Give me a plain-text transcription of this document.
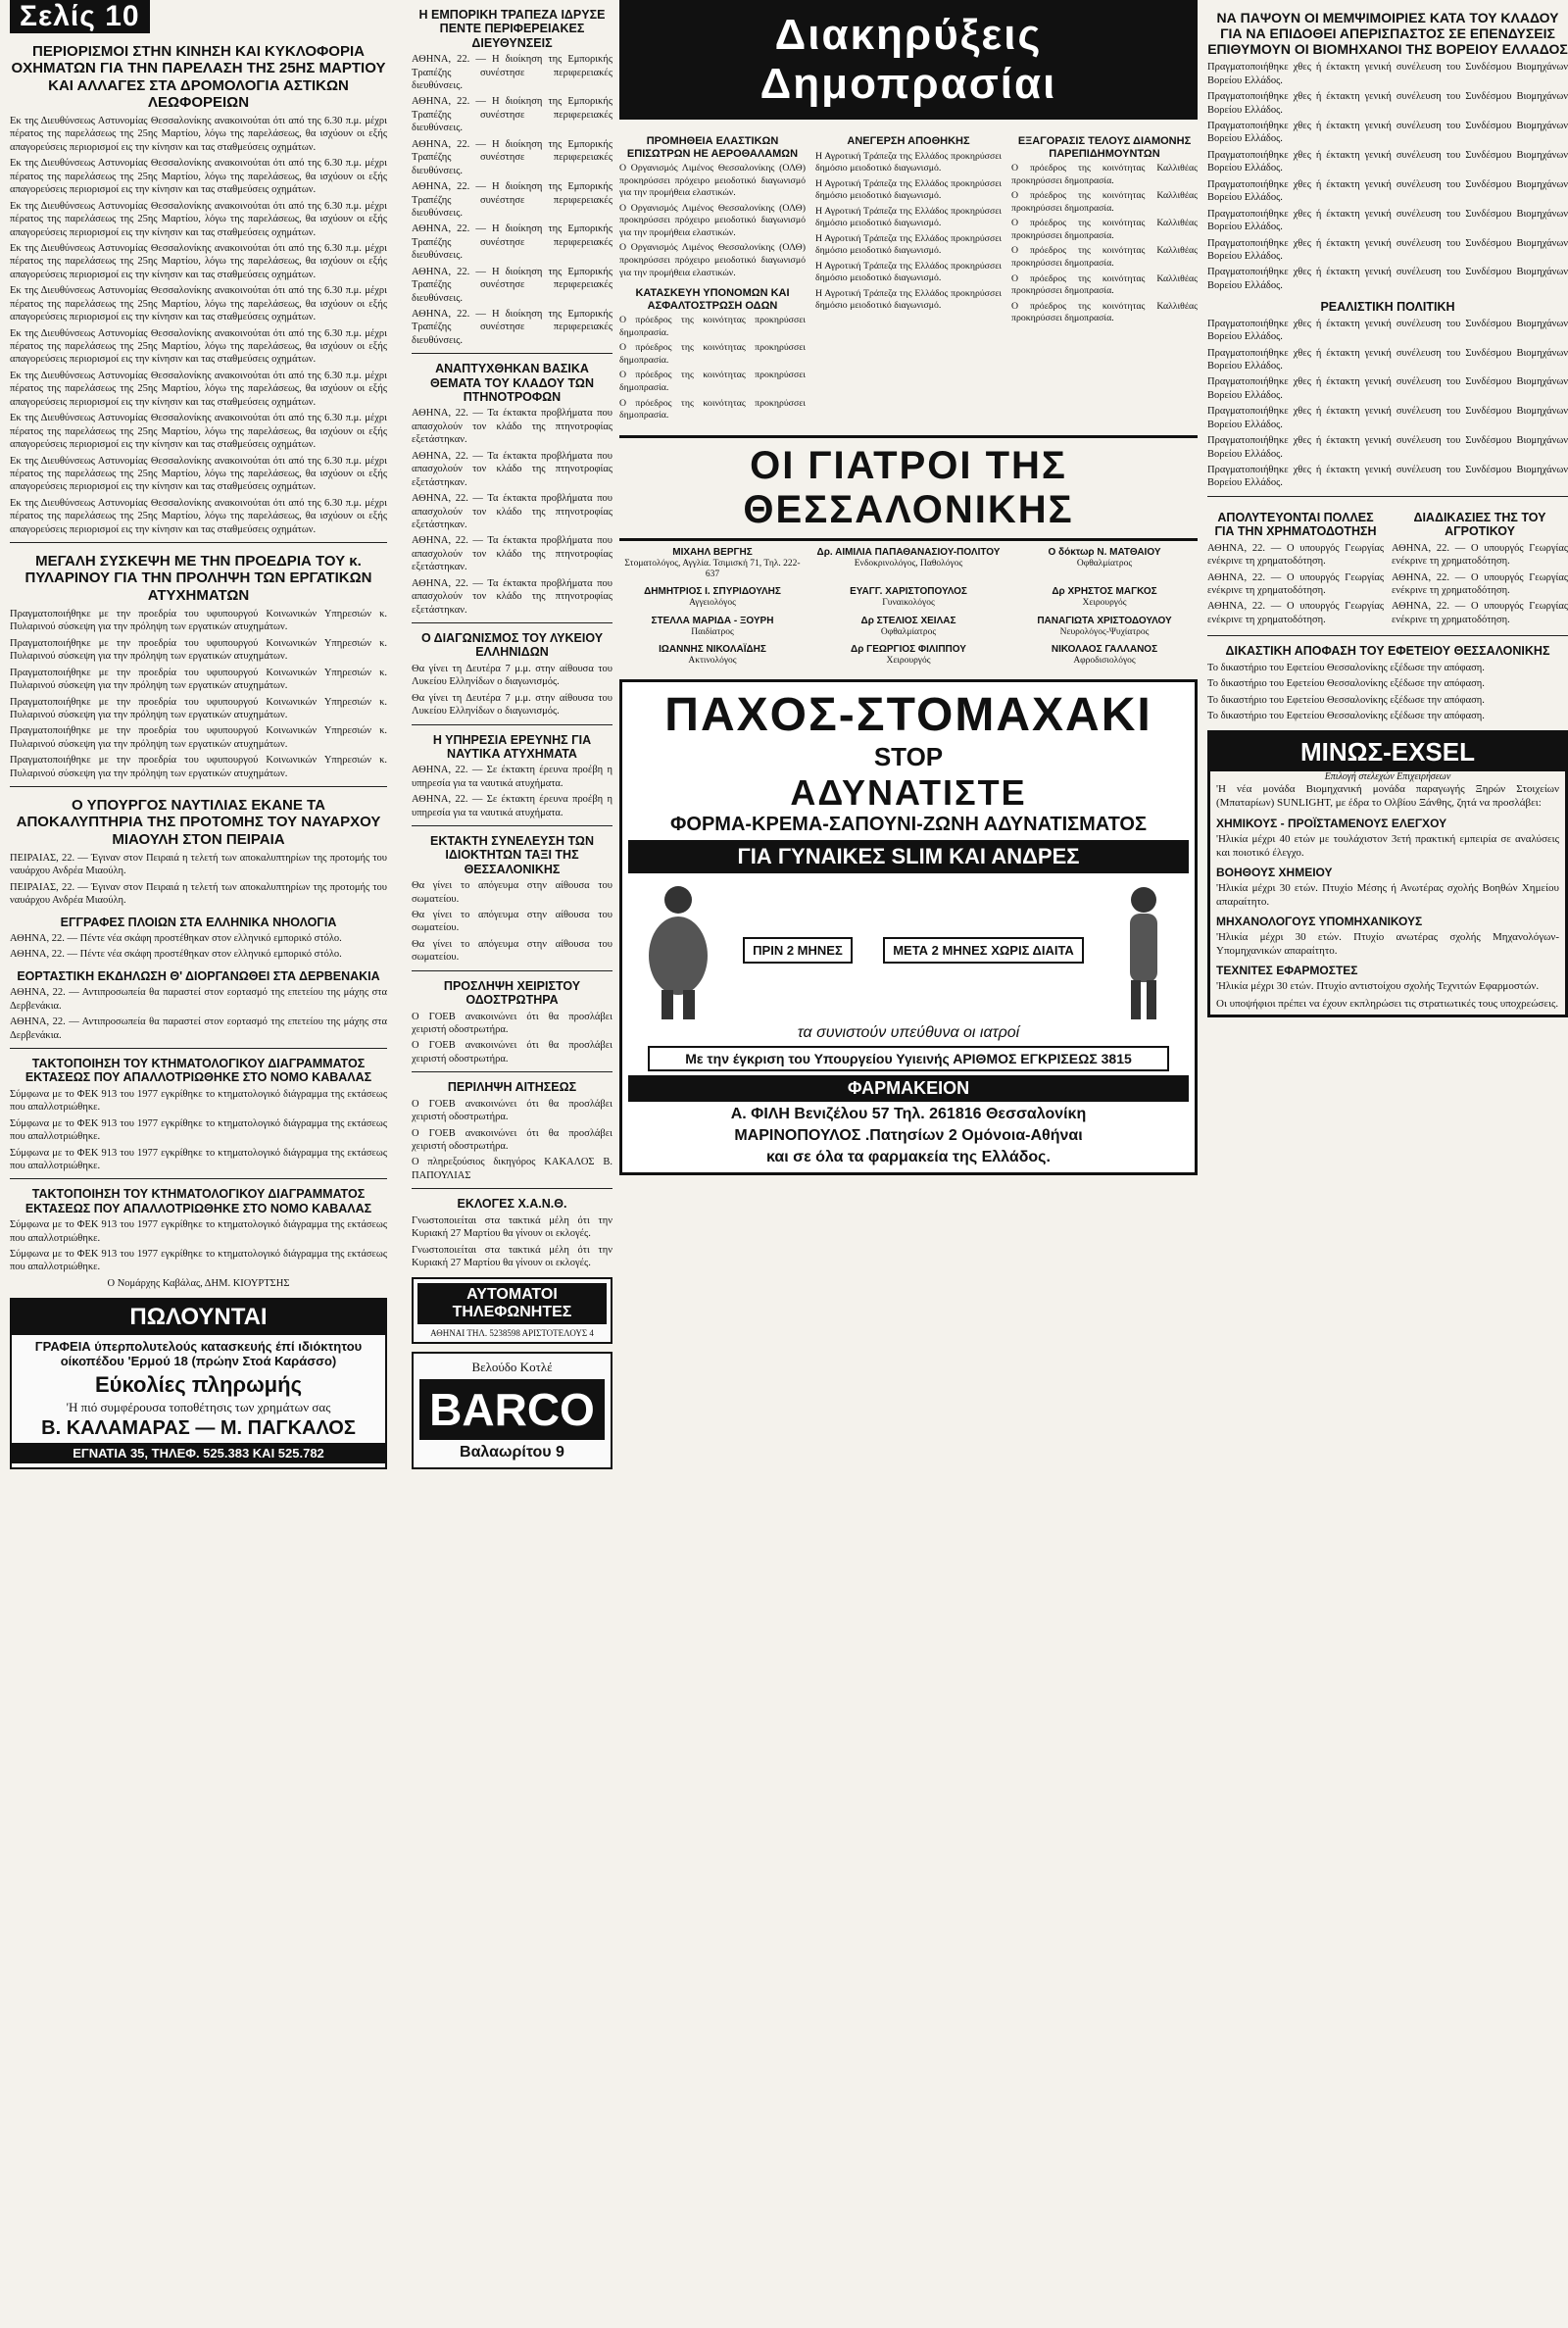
Σελίς 10
ΠΕΡΙΟΡΙΣΜΟΙ ΣΤΗΝ ΚΙΝΗΣΗ ΚΑΙ ΚΥΚΛΟΦΟΡΙΑ ΟΧΗΜΑΤΩΝ ΓΙΑ ΤΗΝ ΠΑΡΕΛΑΣΗ ΤΗΣ 25ΗΣ ΜΑΡΤΙΟΥ ΚΑΙ ΑΛΛΑΓΕΣ ΣΤΑ ΔΡΟΜΟΛΟΓΙΑ ΑΣΤΙΚΩΝ ΛΕΩΦΟΡΕΙΩΝ

Εκ της Διευθύνσεως Αστυνομίας Θεσσαλονίκης ανακοινούται ότι από της 6.30 π.μ. μέχρι πέρατος της παρελάσεως της 25ης Μαρτίου, λόγω της παρελάσεως, θα ισχύουν οι εξής απαγορεύσεις περιορισμοί εις την κίνησιν και τας σταθμεύσεις οχημάτων.

Εκ της Διευθύνσεως Αστυνομίας Θεσσαλονίκης ανακοινούται ότι από της 6.30 π.μ. μέχρι πέρατος της παρελάσεως της 25ης Μαρτίου, λόγω της παρελάσεως, θα ισχύουν οι εξής απαγορεύσεις περιορισμοί εις την κίνησιν και τας σταθμεύσεις οχημάτων.

Εκ της Διευθύνσεως Αστυνομίας Θεσσαλονίκης ανακοινούται ότι από της 6.30 π.μ. μέχρι πέρατος της παρελάσεως της 25ης Μαρτίου, λόγω της παρελάσεως, θα ισχύουν οι εξής απαγορεύσεις περιορισμοί εις την κίνησιν και τας σταθμεύσεις οχημάτων.

Εκ της Διευθύνσεως Αστυνομίας Θεσσαλονίκης ανακοινούται ότι από της 6.30 π.μ. μέχρι πέρατος της παρελάσεως της 25ης Μαρτίου, λόγω της παρελάσεως, θα ισχύουν οι εξής απαγορεύσεις περιορισμοί εις την κίνησιν και τας σταθμεύσεις οχημάτων.

Εκ της Διευθύνσεως Αστυνομίας Θεσσαλονίκης ανακοινούται ότι από της 6.30 π.μ. μέχρι πέρατος της παρελάσεως της 25ης Μαρτίου, λόγω της παρελάσεως, θα ισχύουν οι εξής απαγορεύσεις περιορισμοί εις την κίνησιν και τας σταθμεύσεις οχημάτων.

Εκ της Διευθύνσεως Αστυνομίας Θεσσαλονίκης ανακοινούται ότι από της 6.30 π.μ. μέχρι πέρατος της παρελάσεως της 25ης Μαρτίου, λόγω της παρελάσεως, θα ισχύουν οι εξής απαγορεύσεις περιορισμοί εις την κίνησιν και τας σταθμεύσεις οχημάτων.

Εκ της Διευθύνσεως Αστυνομίας Θεσσαλονίκης ανακοινούται ότι από της 6.30 π.μ. μέχρι πέρατος της παρελάσεως της 25ης Μαρτίου, λόγω της παρελάσεως, θα ισχύουν οι εξής απαγορεύσεις περιορισμοί εις την κίνησιν και τας σταθμεύσεις οχημάτων.

Εκ της Διευθύνσεως Αστυνομίας Θεσσαλονίκης ανακοινούται ότι από της 6.30 π.μ. μέχρι πέρατος της παρελάσεως της 25ης Μαρτίου, λόγω της παρελάσεως, θα ισχύουν οι εξής απαγορεύσεις περιορισμοί εις την κίνησιν και τας σταθμεύσεις οχημάτων.

Εκ της Διευθύνσεως Αστυνομίας Θεσσαλονίκης ανακοινούται ότι από της 6.30 π.μ. μέχρι πέρατος της παρελάσεως της 25ης Μαρτίου, λόγω της παρελάσεως, θα ισχύουν οι εξής απαγορεύσεις περιορισμοί εις την κίνησιν και τας σταθμεύσεις οχημάτων.

Εκ της Διευθύνσεως Αστυνομίας Θεσσαλονίκης ανακοινούται ότι από της 6.30 π.μ. μέχρι πέρατος της παρελάσεως της 25ης Μαρτίου, λόγω της παρελάσεως, θα ισχύουν οι εξής απαγορεύσεις περιορισμοί εις την κίνησιν και τας σταθμεύσεις οχημάτων.

ΜΕΓΑΛΗ ΣΥΣΚΕΨΗ ΜΕ ΤΗΝ ΠΡΟΕΔΡΙΑ ΤΟΥ κ. ΠΥΛΑΡΙΝΟΥ ΓΙΑ ΤΗΝ ΠΡΟΛΗΨΗ ΤΩΝ ΕΡΓΑΤΙΚΩΝ ΑΤΥΧΗΜΑΤΩΝ

Πραγματοποιήθηκε με την προεδρία του υφυπουργού Κοινωνικών Υπηρεσιών κ. Πυλαρινού σύσκεψη για την πρόληψη των εργατικών ατυχημάτων.

Πραγματοποιήθηκε με την προεδρία του υφυπουργού Κοινωνικών Υπηρεσιών κ. Πυλαρινού σύσκεψη για την πρόληψη των εργατικών ατυχημάτων.

Πραγματοποιήθηκε με την προεδρία του υφυπουργού Κοινωνικών Υπηρεσιών κ. Πυλαρινού σύσκεψη για την πρόληψη των εργατικών ατυχημάτων.

Πραγματοποιήθηκε με την προεδρία του υφυπουργού Κοινωνικών Υπηρεσιών κ. Πυλαρινού σύσκεψη για την πρόληψη των εργατικών ατυχημάτων.

Πραγματοποιήθηκε με την προεδρία του υφυπουργού Κοινωνικών Υπηρεσιών κ. Πυλαρινού σύσκεψη για την πρόληψη των εργατικών ατυχημάτων.

Πραγματοποιήθηκε με την προεδρία του υφυπουργού Κοινωνικών Υπηρεσιών κ. Πυλαρινού σύσκεψη για την πρόληψη των εργατικών ατυχημάτων.

Ο ΥΠΟΥΡΓΟΣ ΝΑΥΤΙΛΙΑΣ ΕΚΑΝΕ ΤΑ ΑΠΟΚΑΛΥΠΤΗΡΙΑ ΤΗΣ ΠΡΟΤΟΜΗΣ ΤΟΥ ΝΑΥΑΡΧΟΥ ΜΙΑΟΥΛΗ ΣΤΟΝ ΠΕΙΡΑΙΑ

ΠΕΙΡΑΙΑΣ, 22. — Έγιναν στον Πειραιά η τελετή των αποκαλυπτηρίων της προτομής του ναυάρχου Ανδρέα Μιαούλη.

ΠΕΙΡΑΙΑΣ, 22. — Έγιναν στον Πειραιά η τελετή των αποκαλυπτηρίων της προτομής του ναυάρχου Ανδρέα Μιαούλη.

ΕΓΓΡΑΦΕΣ ΠΛΟΙΩΝ ΣΤΑ ΕΛΛΗΝΙΚΑ ΝΗΟΛΟΓΙΑ

ΑΘΗΝΑ, 22. — Πέντε νέα σκάφη προστέθηκαν στον ελληνικό εμπορικό στόλο.

ΑΘΗΝΑ, 22. — Πέντε νέα σκάφη προστέθηκαν στον ελληνικό εμπορικό στόλο.

ΕΟΡΤΑΣΤΙΚΗ ΕΚΔΗΛΩΣΗ Θ' ΔΙΟΡΓΑΝΩΘΕΙ ΣΤΑ ΔΕΡΒΕΝΑΚΙΑ

ΑΘΗΝΑ, 22. — Αντιπροσωπεία θα παραστεί στον εορτασμό της επετείου της μάχης στα Δερβενάκια.

ΑΘΗΝΑ, 22. — Αντιπροσωπεία θα παραστεί στον εορτασμό της επετείου της μάχης στα Δερβενάκια.

ΤΑΚΤΟΠΟΙΗΣΗ ΤΟΥ ΚΤΗΜΑΤΟΛΟΓΙΚΟΥ ΔΙΑΓΡΑΜΜΑΤΟΣ ΕΚΤΑΣΕΩΣ ΠΟΥ ΑΠΑΛΛΟΤΡΙΩΘΗΚΕ ΣΤΟ ΝΟΜΟ ΚΑΒΑΛΑΣ

Σύμφωνα με το ΦΕΚ 913 του 1977 εγκρίθηκε το κτηματολογικό διάγραμμα της εκτάσεως που απαλλοτριώθηκε.

Σύμφωνα με το ΦΕΚ 913 του 1977 εγκρίθηκε το κτηματολογικό διάγραμμα της εκτάσεως που απαλλοτριώθηκε.

Σύμφωνα με το ΦΕΚ 913 του 1977 εγκρίθηκε το κτηματολογικό διάγραμμα της εκτάσεως που απαλλοτριώθηκε.

ΤΑΚΤΟΠΟΙΗΣΗ ΤΟΥ ΚΤΗΜΑΤΟΛΟΓΙΚΟΥ ΔΙΑΓΡΑΜΜΑΤΟΣ ΕΚΤΑΣΕΩΣ ΠΟΥ ΑΠΑΛΛΟΤΡΙΩΘΗΚΕ ΣΤΟ ΝΟΜΟ ΚΑΒΑΛΑΣ

Σύμφωνα με το ΦΕΚ 913 του 1977 εγκρίθηκε το κτηματολογικό διάγραμμα της εκτάσεως που απαλλοτριώθηκε.

Σύμφωνα με το ΦΕΚ 913 του 1977 εγκρίθηκε το κτηματολογικό διάγραμμα της εκτάσεως που απαλλοτριώθηκε.

Ο Νομάρχης Καβάλας, ΔΗΜ. ΚΙΟΥΡΤΣΗΣ

ΠΩΛΟΥΝΤΑΙ
ΓΡΑΦΕΙΑ ύπερπολυτελούς κατασκευής έπί ιδιόκτητου οίκοπέδου 'Ερμού 18 (πρώην Στοά Καράσσο)
Εύκολίες πληρωμής
'Η πιό συμφέρουσα τοποθέτησις των χρημάτων σας
Β. ΚΑΛΑΜΑΡΑΣ — Μ. ΠΑΓΚΑΛΟΣ
ΕΓΝΑΤΙΑ 35, ΤΗΛΕΦ. 525.383 ΚΑΙ 525.782
Η ΕΜΠΟΡΙΚΗ ΤΡΑΠΕΖΑ ΙΔΡΥΣΕ ΠΕΝΤΕ ΠΕΡΙΦΕΡΕΙΑΚΕΣ ΔΙΕΥΘΥΝΣΕΙΣ

ΑΘΗΝΑ, 22. — Η διοίκηση της Εμπορικής Τραπέζης συνέστησε περιφερειακές διευθύνσεις.

ΑΘΗΝΑ, 22. — Η διοίκηση της Εμπορικής Τραπέζης συνέστησε περιφερειακές διευθύνσεις.

ΑΘΗΝΑ, 22. — Η διοίκηση της Εμπορικής Τραπέζης συνέστησε περιφερειακές διευθύνσεις.

ΑΘΗΝΑ, 22. — Η διοίκηση της Εμπορικής Τραπέζης συνέστησε περιφερειακές διευθύνσεις.

ΑΘΗΝΑ, 22. — Η διοίκηση της Εμπορικής Τραπέζης συνέστησε περιφερειακές διευθύνσεις.

ΑΘΗΝΑ, 22. — Η διοίκηση της Εμπορικής Τραπέζης συνέστησε περιφερειακές διευθύνσεις.

ΑΘΗΝΑ, 22. — Η διοίκηση της Εμπορικής Τραπέζης συνέστησε περιφερειακές διευθύνσεις.

ΑΝΑΠΤΥΧΘΗΚΑΝ ΒΑΣΙΚΑ ΘΕΜΑΤΑ ΤΟΥ ΚΛΑΔΟΥ ΤΩΝ ΠΤΗΝΟΤΡΟΦΩΝ

ΑΘΗΝΑ, 22. — Τα έκτακτα προβλήματα που απασχολούν τον κλάδο της πτηνοτροφίας εξετάστηκαν.

ΑΘΗΝΑ, 22. — Τα έκτακτα προβλήματα που απασχολούν τον κλάδο της πτηνοτροφίας εξετάστηκαν.

ΑΘΗΝΑ, 22. — Τα έκτακτα προβλήματα που απασχολούν τον κλάδο της πτηνοτροφίας εξετάστηκαν.

ΑΘΗΝΑ, 22. — Τα έκτακτα προβλήματα που απασχολούν τον κλάδο της πτηνοτροφίας εξετάστηκαν.

ΑΘΗΝΑ, 22. — Τα έκτακτα προβλήματα που απασχολούν τον κλάδο της πτηνοτροφίας εξετάστηκαν.

Ο ΔΙΑΓΩΝΙΣΜΟΣ ΤΟΥ ΛΥΚΕΙΟΥ ΕΛΛΗΝΙΔΩΝ

Θα γίνει τη Δευτέρα 7 μ.μ. στην αίθουσα του Λυκείου Ελληνίδων ο διαγωνισμός.

Θα γίνει τη Δευτέρα 7 μ.μ. στην αίθουσα του Λυκείου Ελληνίδων ο διαγωνισμός.

Η ΥΠΗΡΕΣΙΑ ΕΡΕΥΝΗΣ ΓΙΑ ΝΑΥΤΙΚΑ ΑΤΥΧΗΜΑΤΑ

ΑΘΗΝΑ, 22. — Σε έκτακτη έρευνα προέβη η υπηρεσία για τα ναυτικά ατυχήματα.

ΑΘΗΝΑ, 22. — Σε έκτακτη έρευνα προέβη η υπηρεσία για τα ναυτικά ατυχήματα.

ΕΚΤΑΚΤΗ ΣΥΝΕΛΕΥΣΗ ΤΩΝ ΙΔΙΟΚΤΗΤΩΝ ΤΑΞΙ ΤΗΣ ΘΕΣΣΑΛΟΝΙΚΗΣ

Θα γίνει το απόγευμα στην αίθουσα του σωματείου.

Θα γίνει το απόγευμα στην αίθουσα του σωματείου.

Θα γίνει το απόγευμα στην αίθουσα του σωματείου.

ΠΡΟΣΛΗΨΗ ΧΕΙΡΙΣΤΟΥ ΟΔΟΣΤΡΩΤΗΡΑ

Ο ΓΟΕΒ ανακοινώνει ότι θα προσλάβει χειριστή οδοστρωτήρα.

Ο ΓΟΕΒ ανακοινώνει ότι θα προσλάβει χειριστή οδοστρωτήρα.

ΠΕΡΙΛΗΨΗ ΑΙΤΗΣΕΩΣ

Ο ΓΟΕΒ ανακοινώνει ότι θα προσλάβει χειριστή οδοστρωτήρα.

Ο ΓΟΕΒ ανακοινώνει ότι θα προσλάβει χειριστή οδοστρωτήρα.

Ο πληρεξούσιος δικηγόρος ΚΑΚΑΛΟΣ Β. ΠΑΠΟΥΛΙΑΣ

ΕΚΛΟΓΕΣ Χ.Α.Ν.Θ.

Γνωστοποιείται στα τακτικά μέλη ότι την Κυριακή 27 Μαρτίου θα γίνουν οι εκλογές.

Γνωστοποιείται στα τακτικά μέλη ότι την Κυριακή 27 Μαρτίου θα γίνουν οι εκλογές.

ΑΥΤΟΜΑΤΟΙ ΤΗΛΕΦΩΝΗΤΕΣ
ΑΘΗΝΑΙ ΤΗΛ. 5238598 ΑΡΙΣΤΟΤΕΛΟΥΣ 4
Βελούδο Κοτλέ
BARCO
Βαλαωρίτου 9
Διακηρύξεις Δημοπρασίαι
ΠΡΟΜΗΘΕΙΑ ΕΛΑΣΤΙΚΩΝ ΕΠΙΣΩΤΡΩΝ ΗΕ ΑΕΡΟΘΑΛΑΜΩΝ

Ο Οργανισμός Λιμένος Θεσσαλονίκης (ΟΛΘ) προκηρύσσει πρόχειρο μειοδοτικό διαγωνισμό για την προμήθεια ελαστικών.

Ο Οργανισμός Λιμένος Θεσσαλονίκης (ΟΛΘ) προκηρύσσει πρόχειρο μειοδοτικό διαγωνισμό για την προμήθεια ελαστικών.

Ο Οργανισμός Λιμένος Θεσσαλονίκης (ΟΛΘ) προκηρύσσει πρόχειρο μειοδοτικό διαγωνισμό για την προμήθεια ελαστικών.

ΚΑΤΑΣΚΕΥΗ ΥΠΟΝΟΜΩΝ ΚΑΙ ΑΣΦΑΛΤΟΣΤΡΩΣΗ ΟΔΩΝ

Ο πρόεδρος της κοινότητας προκηρύσσει δημοπρασία.

Ο πρόεδρος της κοινότητας προκηρύσσει δημοπρασία.

Ο πρόεδρος της κοινότητας προκηρύσσει δημοπρασία.

Ο πρόεδρος της κοινότητας προκηρύσσει δημοπρασία.

ΑΝΕΓΕΡΣΗ ΑΠΟΘΗΚΗΣ

Η Αγροτική Τράπεζα της Ελλάδος προκηρύσσει δημόσιο μειοδοτικό διαγωνισμό.

Η Αγροτική Τράπεζα της Ελλάδος προκηρύσσει δημόσιο μειοδοτικό διαγωνισμό.

Η Αγροτική Τράπεζα της Ελλάδος προκηρύσσει δημόσιο μειοδοτικό διαγωνισμό.

Η Αγροτική Τράπεζα της Ελλάδος προκηρύσσει δημόσιο μειοδοτικό διαγωνισμό.

Η Αγροτική Τράπεζα της Ελλάδος προκηρύσσει δημόσιο μειοδοτικό διαγωνισμό.

Η Αγροτική Τράπεζα της Ελλάδος προκηρύσσει δημόσιο μειοδοτικό διαγωνισμό.

ΕΞΑΓΟΡΑΣΙΣ ΤΕΛΟΥΣ ΔΙΑΜΟΝΗΣ ΠΑΡΕΠΙΔΗΜΟΥΝΤΩΝ

Ο πρόεδρος της κοινότητας Καλλιθέας προκηρύσσει δημοπρασία.

Ο πρόεδρος της κοινότητας Καλλιθέας προκηρύσσει δημοπρασία.

Ο πρόεδρος της κοινότητας Καλλιθέας προκηρύσσει δημοπρασία.

Ο πρόεδρος της κοινότητας Καλλιθέας προκηρύσσει δημοπρασία.

Ο πρόεδρος της κοινότητας Καλλιθέας προκηρύσσει δημοπρασία.

Ο πρόεδρος της κοινότητας Καλλιθέας προκηρύσσει δημοπρασία.

ΟΙ ΓΙΑΤΡΟΙ ΤΗΣ ΘΕΣΣΑΛΟΝΙΚΗΣ
ΜΙΧΑΗΛ ΒΕΡΓΗΣ
Στοματολόγος, Αγγλία. Τσιμισκή 71, Τηλ. 222-637
Δρ. ΑΙΜΙΛΙΑ ΠΑΠΑΘΑΝΑΣΙΟΥ-ΠΟΛΙΤΟΥ
Ενδοκρινολόγος, Παθολόγος
Ο δόκτωρ Ν. ΜΑΤΘΑΙΟΥ
Οφθαλμίατρος
ΔΗΜΗΤΡΙΟΣ Ι. ΣΠΥΡΙΔΟΥΛΗΣ
Αγγειολόγος
ΕΥΑΓΓ. ΧΑΡΙΣΤΟΠΟΥΛΟΣ
Γυναικολόγος
Δρ ΧΡΗΣΤΟΣ ΜΑΓΚΟΣ
Χειρουργός
ΣΤΕΛΛΑ ΜΑΡΙΔΑ - ΞΟΥΡΗ
Παιδίατρος
Δρ ΣΤΕΛΙΟΣ ΧΕΙΛΑΣ
Οφθαλμίατρος
ΠΑΝΑΓΙΩΤΑ ΧΡΙΣΤΟΔΟΥΛΟΥ
Νευρολόγος-Ψυχίατρος
ΙΩΑΝΝΗΣ ΝΙΚΟΛΑΪΔΗΣ
Ακτινολόγος
Δρ ΓΕΩΡΓΙΟΣ ΦΙΛΙΠΠΟΥ
Χειρουργός
ΝΙΚΟΛΑΟΣ ΓΑΛΛΑΝΟΣ
Αφροδισιολόγος
ΠΑΧΟΣ-ΣΤΟΜΑΧΑΚΙ
STOP
ΑΔΥΝΑΤΙΣΤΕ
ΦΟΡΜΑ-ΚΡΕΜΑ-ΣΑΠΟΥΝΙ-ΖΩΝΗ ΑΔΥΝΑΤΙΣΜΑΤΟΣ
ΓΙΑ ΓΥΝΑΙΚΕΣ SLIM ΚΑΙ ΑΝΔΡΕΣ
ΠΡΙΝ 2 ΜΗΝΕΣ	ΜΕΤΑ 2 ΜΗΝΕΣ ΧΩΡΙΣ ΔΙΑΙΤΑ
τα συνιστούν υπεύθυνα οι ιατροί
Με την έγκριση του Υπουργείου Υγιεινής ΑΡΙΘΜΟΣ ΕΓΚΡΙΣΕΩΣ 3815
ΦΑΡΜΑΚΕΙΟΝ
Α. ΦΙΛΗ Βενιζέλου 57 Τηλ. 261816 Θεσσαλονίκη
ΜΑΡΙΝΟΠΟΥΛΟΣ .Πατησίων 2 Ομόνοια-Αθήναι
και σε όλα τα φαρμακεία της Ελλάδος.
ΝΑ ΠΑΨΟΥΝ ΟΙ ΜΕΜΨΙΜΟΙΡΙΕΣ ΚΑΤΑ ΤΟΥ ΚΛΑΔΟΥ ΓΙΑ ΝΑ ΕΠΙΔΟΘΕΙ ΑΠΕΡΙΣΠΑΣΤΟΣ ΣΕ ΕΠΕΝΔΥΣΕΙΣ ΕΠΙΘΥΜΟΥΝ ΟΙ ΒΙΟΜΗΧΑΝΟΙ ΤΗΣ ΒΟΡΕΙΟΥ ΕΛΛΑΔΟΣ

Πραγματοποιήθηκε χθες ή έκτακτη γενική συνέλευση του Συνδέσμου Βιομηχάνων Βορείου Ελλάδος.

Πραγματοποιήθηκε χθες ή έκτακτη γενική συνέλευση του Συνδέσμου Βιομηχάνων Βορείου Ελλάδος.

Πραγματοποιήθηκε χθες ή έκτακτη γενική συνέλευση του Συνδέσμου Βιομηχάνων Βορείου Ελλάδος.

Πραγματοποιήθηκε χθες ή έκτακτη γενική συνέλευση του Συνδέσμου Βιομηχάνων Βορείου Ελλάδος.

Πραγματοποιήθηκε χθες ή έκτακτη γενική συνέλευση του Συνδέσμου Βιομηχάνων Βορείου Ελλάδος.

Πραγματοποιήθηκε χθες ή έκτακτη γενική συνέλευση του Συνδέσμου Βιομηχάνων Βορείου Ελλάδος.

Πραγματοποιήθηκε χθες ή έκτακτη γενική συνέλευση του Συνδέσμου Βιομηχάνων Βορείου Ελλάδος.

Πραγματοποιήθηκε χθες ή έκτακτη γενική συνέλευση του Συνδέσμου Βιομηχάνων Βορείου Ελλάδος.

ΡΕΑΛΙΣΤΙΚΗ ΠΟΛΙΤΙΚΗ

Πραγματοποιήθηκε χθες ή έκτακτη γενική συνέλευση του Συνδέσμου Βιομηχάνων Βορείου Ελλάδος.

Πραγματοποιήθηκε χθες ή έκτακτη γενική συνέλευση του Συνδέσμου Βιομηχάνων Βορείου Ελλάδος.

Πραγματοποιήθηκε χθες ή έκτακτη γενική συνέλευση του Συνδέσμου Βιομηχάνων Βορείου Ελλάδος.

Πραγματοποιήθηκε χθες ή έκτακτη γενική συνέλευση του Συνδέσμου Βιομηχάνων Βορείου Ελλάδος.

Πραγματοποιήθηκε χθες ή έκτακτη γενική συνέλευση του Συνδέσμου Βιομηχάνων Βορείου Ελλάδος.

Πραγματοποιήθηκε χθες ή έκτακτη γενική συνέλευση του Συνδέσμου Βιομηχάνων Βορείου Ελλάδος.

ΑΠΟΛΥΤΕΥΟΝΤΑΙ ΠΟΛΛΕΣ ΓΙΑ ΤΗΝ ΧΡΗΜΑΤΟΔΟΤΗΣΗ

ΑΘΗΝΑ, 22. — Ο υπουργός Γεωργίας ενέκρινε τη χρηματοδότηση.

ΑΘΗΝΑ, 22. — Ο υπουργός Γεωργίας ενέκρινε τη χρηματοδότηση.

ΑΘΗΝΑ, 22. — Ο υπουργός Γεωργίας ενέκρινε τη χρηματοδότηση.

ΔΙΑΔΙΚΑΣΙΕΣ ΤΗΣ ΤΟΥ ΑΓΡΟΤΙΚΟΥ

ΑΘΗΝΑ, 22. — Ο υπουργός Γεωργίας ενέκρινε τη χρηματοδότηση.

ΑΘΗΝΑ, 22. — Ο υπουργός Γεωργίας ενέκρινε τη χρηματοδότηση.

ΑΘΗΝΑ, 22. — Ο υπουργός Γεωργίας ενέκρινε τη χρηματοδότηση.

ΔΙΚΑΣΤΙΚΗ ΑΠΟΦΑΣΗ ΤΟΥ ΕΦΕΤΕΙΟΥ ΘΕΣΣΑΛΟΝΙΚΗΣ

Το δικαστήριο του Εφετείου Θεσσαλονίκης εξέδωσε την απόφαση.

Το δικαστήριο του Εφετείου Θεσσαλονίκης εξέδωσε την απόφαση.

Το δικαστήριο του Εφετείου Θεσσαλονίκης εξέδωσε την απόφαση.

Το δικαστήριο του Εφετείου Θεσσαλονίκης εξέδωσε την απόφαση.

ΜΙΝΩΣ-EXSEL
Επιλογή στελεχών Επιχειρήσεων

'Η νέα μονάδα Βιομηχανική μονάδα παραγωγής Ξηρών Στοιχείων (Μπαταρίων) SUNLIGHT, με έδρα το Ολβίου Ξάνθης, ζητά να προσλάβει:

ΧΗΜΙΚΟΥΣ - ΠΡΟΪΣΤΑΜΕΝΟΥΣ ΕΛΕΓΧΟΥ

'Ηλικία μέχρι 40 ετών με τουλάχιστον 3ετή πρακτική εμπειρία σε αναλύσεις και ποιοτικό έλεγχο.

ΒΟΗΘΟΥΣ ΧΗΜΕΙΟΥ

'Ηλικία μέχρι 30 ετών. Πτυχίο Μέσης ή Ανωτέρας σχολής Βοηθών Χημείου απαραίτητο.

ΜΗΧΑΝΟΛΟΓΟΥΣ ΥΠΟΜΗΧΑΝΙΚΟΥΣ

'Ηλικία μέχρι 30 ετών. Πτυχίο ανωτέρας σχολής Μηχανολόγων-Υπομηχανικών απαραίτητο.

ΤΕΧΝΙΤΕΣ ΕΦΑΡΜΟΣΤΕΣ

'Ηλικία μέχρι 30 ετών. Πτυχίο αντιστοίχου σχολής Τεχνιτών Εφαρμοστών.

Οι υποψήφιοι πρέπει να έχουν εκπληρώσει τις στρατιωτικές τους υποχρεώσεις.
